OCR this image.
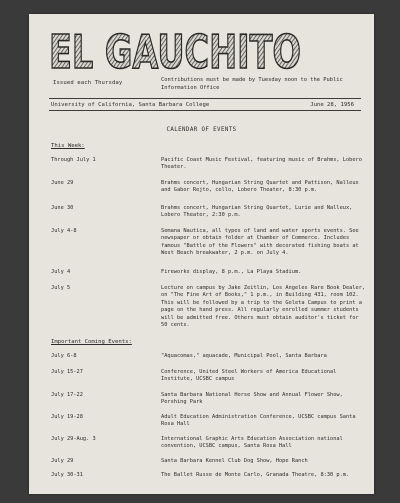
EL GAUCHITO
Issued each Thursday	Contributions must be made by Tuesday noon to the Public Information Office
University of California, Santa Barbara College	June 28, 1956
CALENDAR OF EVENTS
This Week:
Through July 1	Pacific Coast Music Festival, featuring music of Brahms, Lobero Theater.
June 29	Brahms concert, Hungarian String Quartet and Pattison, Nalleux and Gabor Rejto, cello, Lobero Theater, 8:30 p.m.
June 30	Brahms concert, Hungarian String Quartet, Lurie and Nalleux, Lobero Theater, 2:30 p.m.
July 4-8	Semana Nautica, all types of land and water sports events. See newspaper or obtain folder at Chamber of Commerce. Includes famous "Battle of the Flowers" with decorated fishing boats at West Beach breakwater, 2 p.m. on July 4.
July 4	Fireworks display, 8 p.m., La Playa Stadium.
July 5	Lecture on campus by Jake Zeitlin, Los Angeles Rare Book Dealer, on "The Fine Art of Books," 1 p.m., in Building 431, room 102. This will be followed by a trip to the Goleta Campus to print a page on the hand press. All regularly enrolled summer students will be admitted free. Others must obtain auditor's ticket for 50 cents.
Important Coming Events:
July 6-8	"Aquacomas," aquacade, Municipal Pool, Santa Barbara
July 15-27	Conference, United Steel Workers of America Educational Institute, UCSBC campus
July 17-22	Santa Barbara National Horse Show and Annual Flower Show, Pershing Park
July 19-28	Adult Education Administration Conference, UCSBC campus Santa Rosa Hall
July 29-Aug. 3	International Graphic Arts Education Association national convention, UCSBC campus, Santa Rosa Hall
July 29	Santa Barbara Kennel Club Dog Show, Hope Ranch
July 30-31	The Ballet Russe de Monte Carlo, Granada Theatre, 8:30 p.m.
